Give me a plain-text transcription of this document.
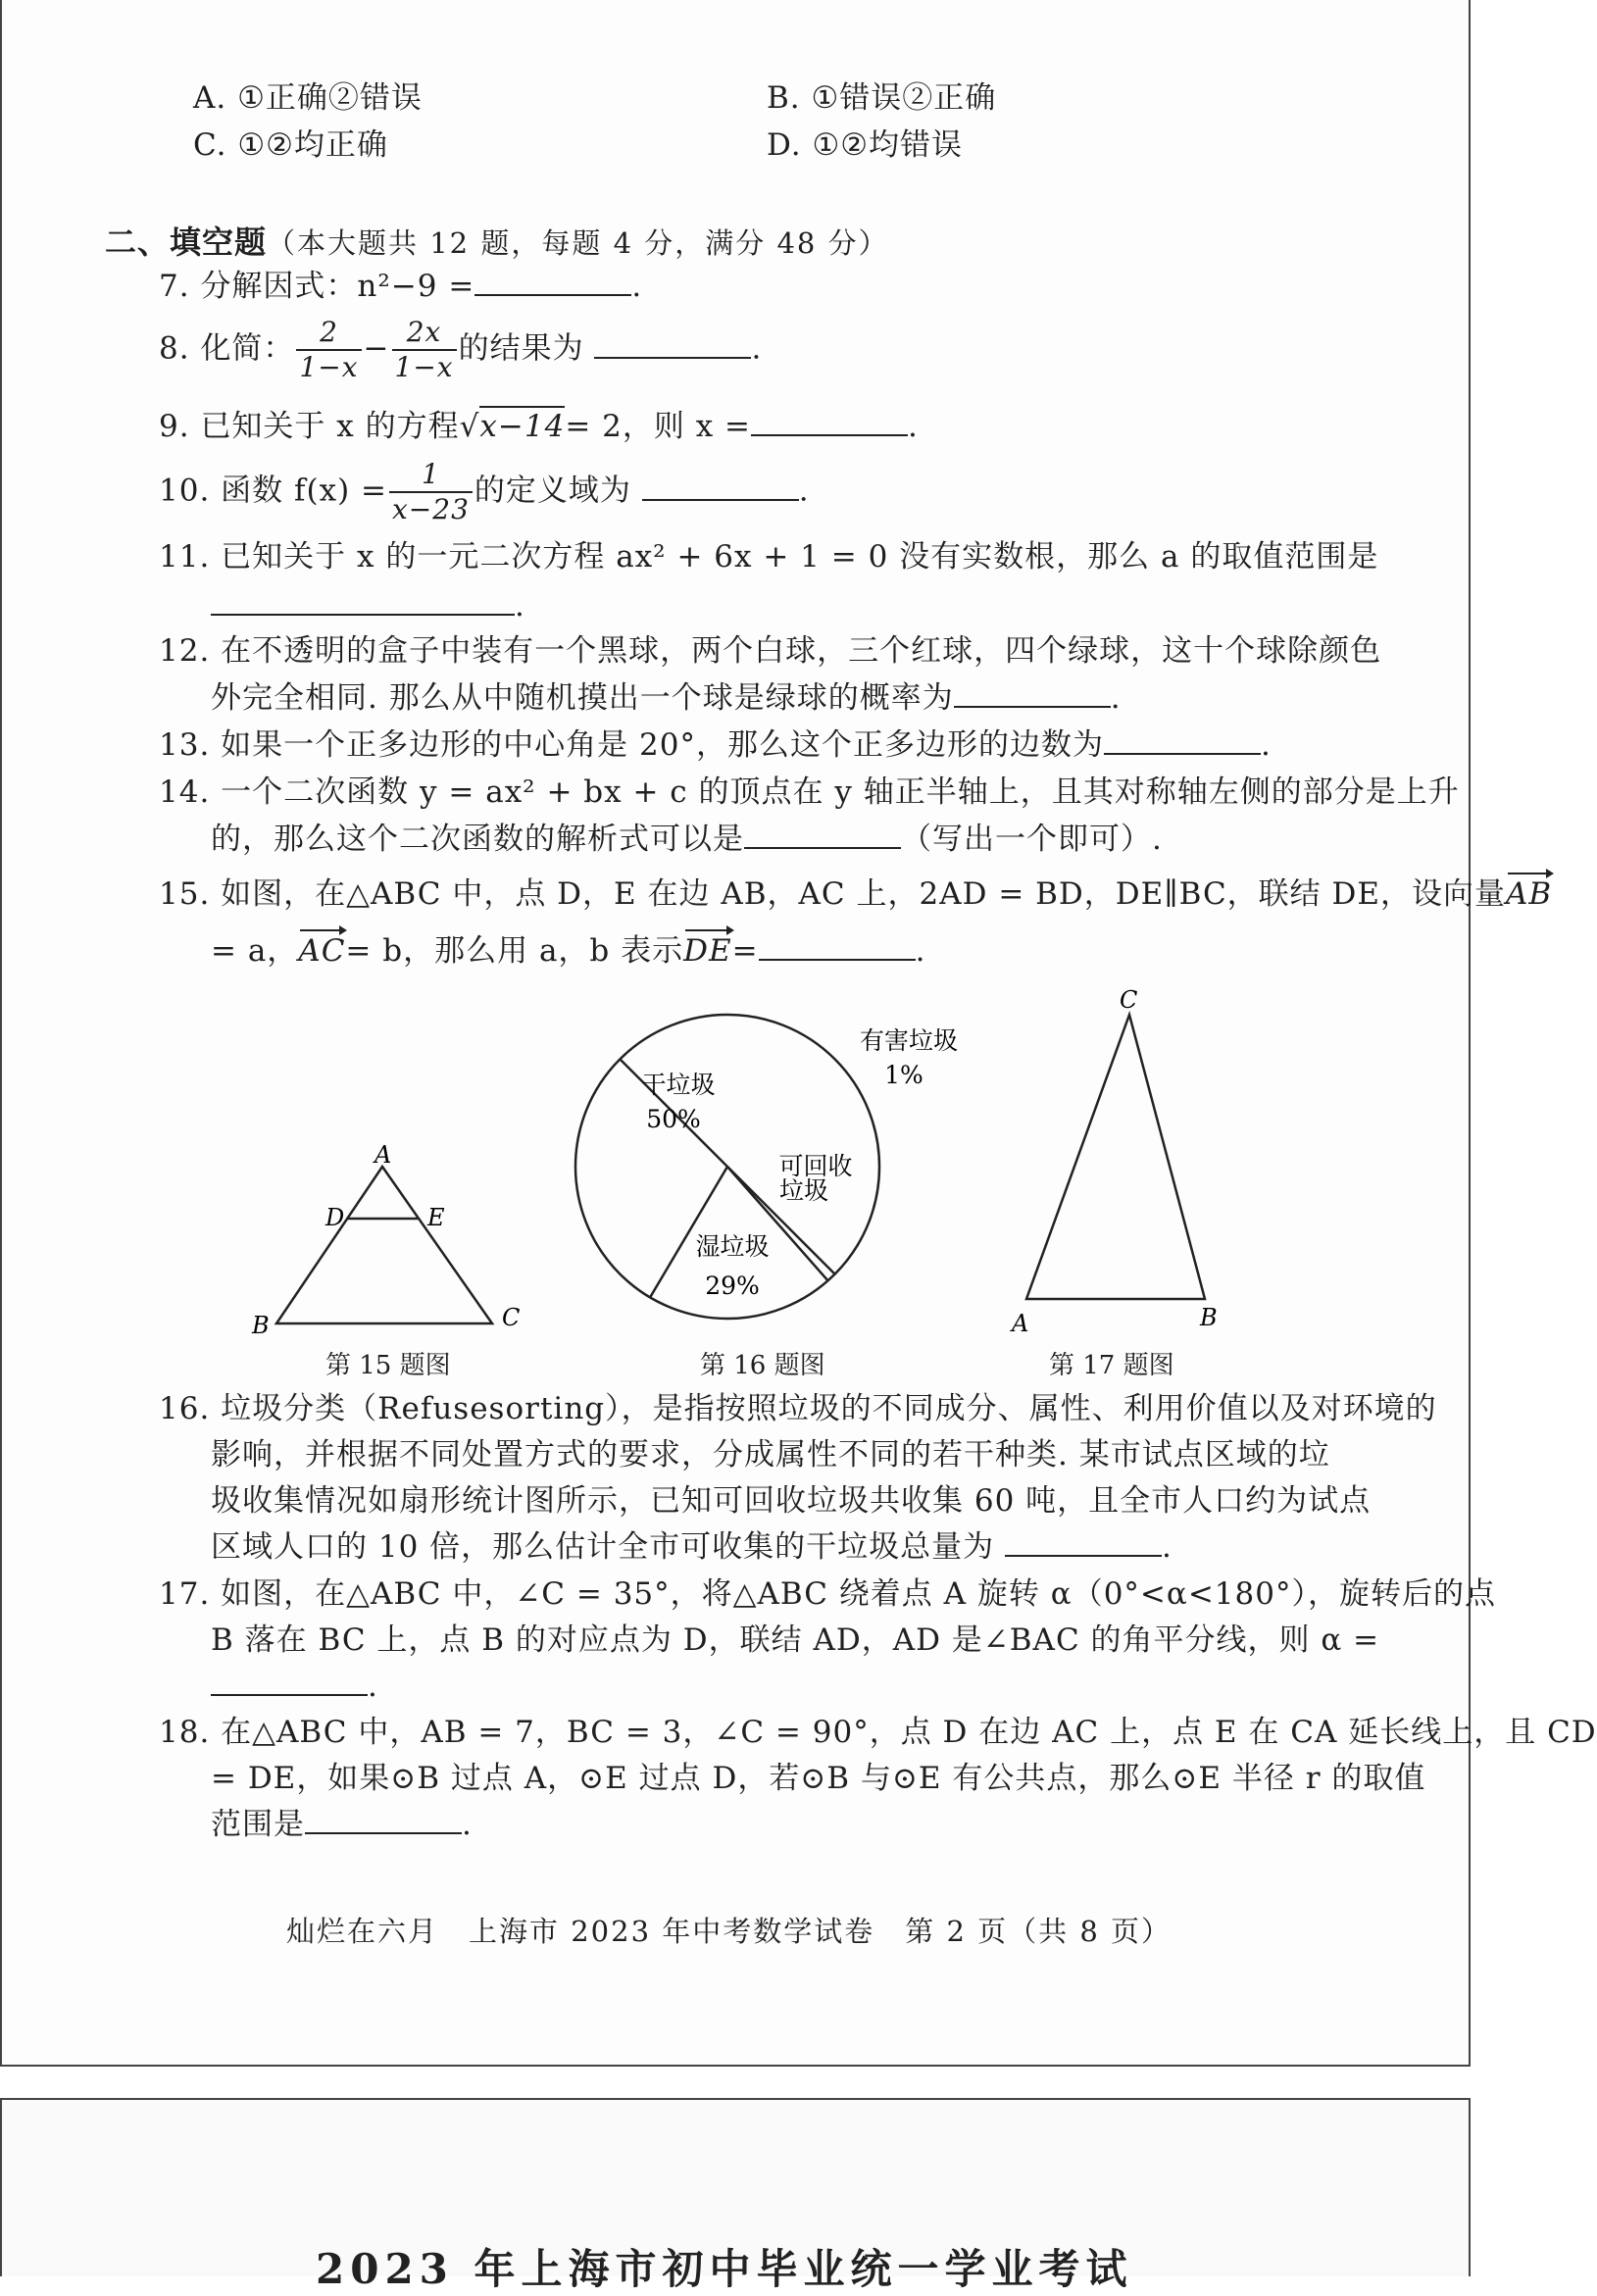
A. ①正确②错误	B. ①错误②正确
C. ①②均正确	D. ①②均错误
二、填空题（本大题共 12 题，每题 4 分，满分 48 分）
7. 分解因式：n²−9 =	.
8. 化简： $\frac{2}{1-x} - \frac{2x}{1-x}$ 的结果为	.
9. 已知关于 x 的方程√x−14= 2，则 x =	.
10. 函数 $f(x) = \frac{1}{x-23}$ 的定义域为	.
11. 已知关于 x 的一元二次方程 ax² + 6x + 1 = 0 没有实数根，那么 a 的取值范围是
.
12. 在不透明的盒子中装有一个黑球，两个白球，三个红球，四个绿球，这十个球除颜色
外完全相同. 那么从中随机摸出一个球是绿球的概率为	.
13. 如果一个正多边形的中心角是 20°，那么这个正多边形的边数为	.
14. 一个二次函数 y = ax² + bx + c 的顶点在 y 轴正半轴上，且其对称轴左侧的部分是上升
的，那么这个二次函数的解析式可以是	（写出一个即可）.
15. 如图，在△ABC 中，点 D，E 在边 AB，AC 上，2AD = BD，DE∥BC，联结 DE，设向量AB
= a，AC= b，那么用 a，b 表示DE=	.
A
D	E
B	C
干垃圾
50%
有害垃圾
1%
可回收
垃圾
湿垃圾
29%
C
A	B
第 15 题图	第 16 题图	第 17 题图
16. 垃圾分类（Refusesorting），是指按照垃圾的不同成分、属性、利用价值以及对环境的
影响，并根据不同处置方式的要求，分成属性不同的若干种类. 某市试点区域的垃
圾收集情况如扇形统计图所示，已知可回收垃圾共收集 60 吨，且全市人口约为试点
区域人口的 10 倍，那么估计全市可收集的干垃圾总量为	.
17. 如图，在△ABC 中，∠C = 35°，将△ABC 绕着点 A 旋转 α（0°<α<180°），旋转后的点
B 落在 BC 上，点 B 的对应点为 D，联结 AD，AD 是∠BAC 的角平分线，则 α =
.
18. 在△ABC 中，AB = 7，BC = 3，∠C = 90°，点 D 在边 AC 上，点 E 在 CA 延长线上，且 CD
= DE，如果⊙B 过点 A，⊙E 过点 D，若⊙B 与⊙E 有公共点，那么⊙E 半径 r 的取值
范围是	.
灿烂在六月　上海市 2023 年中考数学试卷　第 2 页（共 8 页）
2023 年上海市初中毕业统一学业考试
